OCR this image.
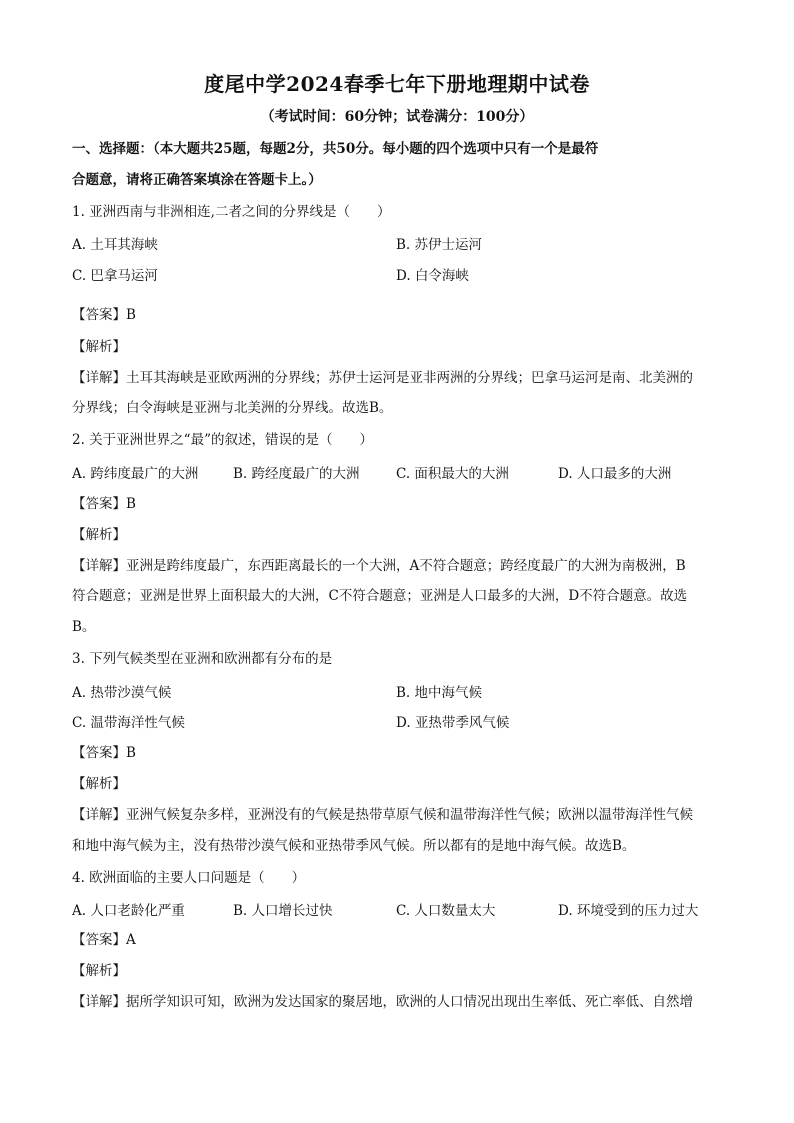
度尾中学2024春季七年下册地理期中试卷
（考试时间：60分钟；试卷满分：100分）
一、选择题：（本大题共25题，每题2分，共50分。每小题的四个选项中只有一个是最符
合题意，请将正确答案填涂在答题卡上。）
1. 亚洲西南与非洲相连,二者之间的分界线是（　　）
A. 土耳其海峡	B. 苏伊士运河
C. 巴拿马运河	D. 白令海峡
【答案】B
【解析】
【详解】土耳其海峡是亚欧两洲的分界线；苏伊士运河是亚非两洲的分界线；巴拿马运河是南、北美洲的
分界线；白令海峡是亚洲与北美洲的分界线。故选B。
2. 关于亚洲世界之“最”的叙述，错误的是（　　）
A. 跨纬度最广的大洲	B. 跨经度最广的大洲	C. 面积最大的大洲	D. 人口最多的大洲
【答案】B
【解析】
【详解】亚洲是跨纬度最广，东西距离最长的一个大洲，A不符合题意；跨经度最广的大洲为南极洲，B
符合题意；亚洲是世界上面积最大的大洲，C不符合题意；亚洲是人口最多的大洲，D不符合题意。故选
B。
3. 下列气候类型在亚洲和欧洲都有分布的是
A. 热带沙漠气候	B. 地中海气候
C. 温带海洋性气候	D. 亚热带季风气候
【答案】B
【解析】
【详解】亚洲气候复杂多样，亚洲没有的气候是热带草原气候和温带海洋性气候；欧洲以温带海洋性气候
和地中海气候为主，没有热带沙漠气候和亚热带季风气候。所以都有的是地中海气候。故选B。
4. 欧洲面临的主要人口问题是（　　）
A. 人口老龄化严重	B. 人口增长过快	C. 人口数量太大	D. 环境受到的压力过大
【答案】A
【解析】
【详解】据所学知识可知，欧洲为发达国家的聚居地，欧洲的人口情况出现出生率低、死亡率低、自然增
